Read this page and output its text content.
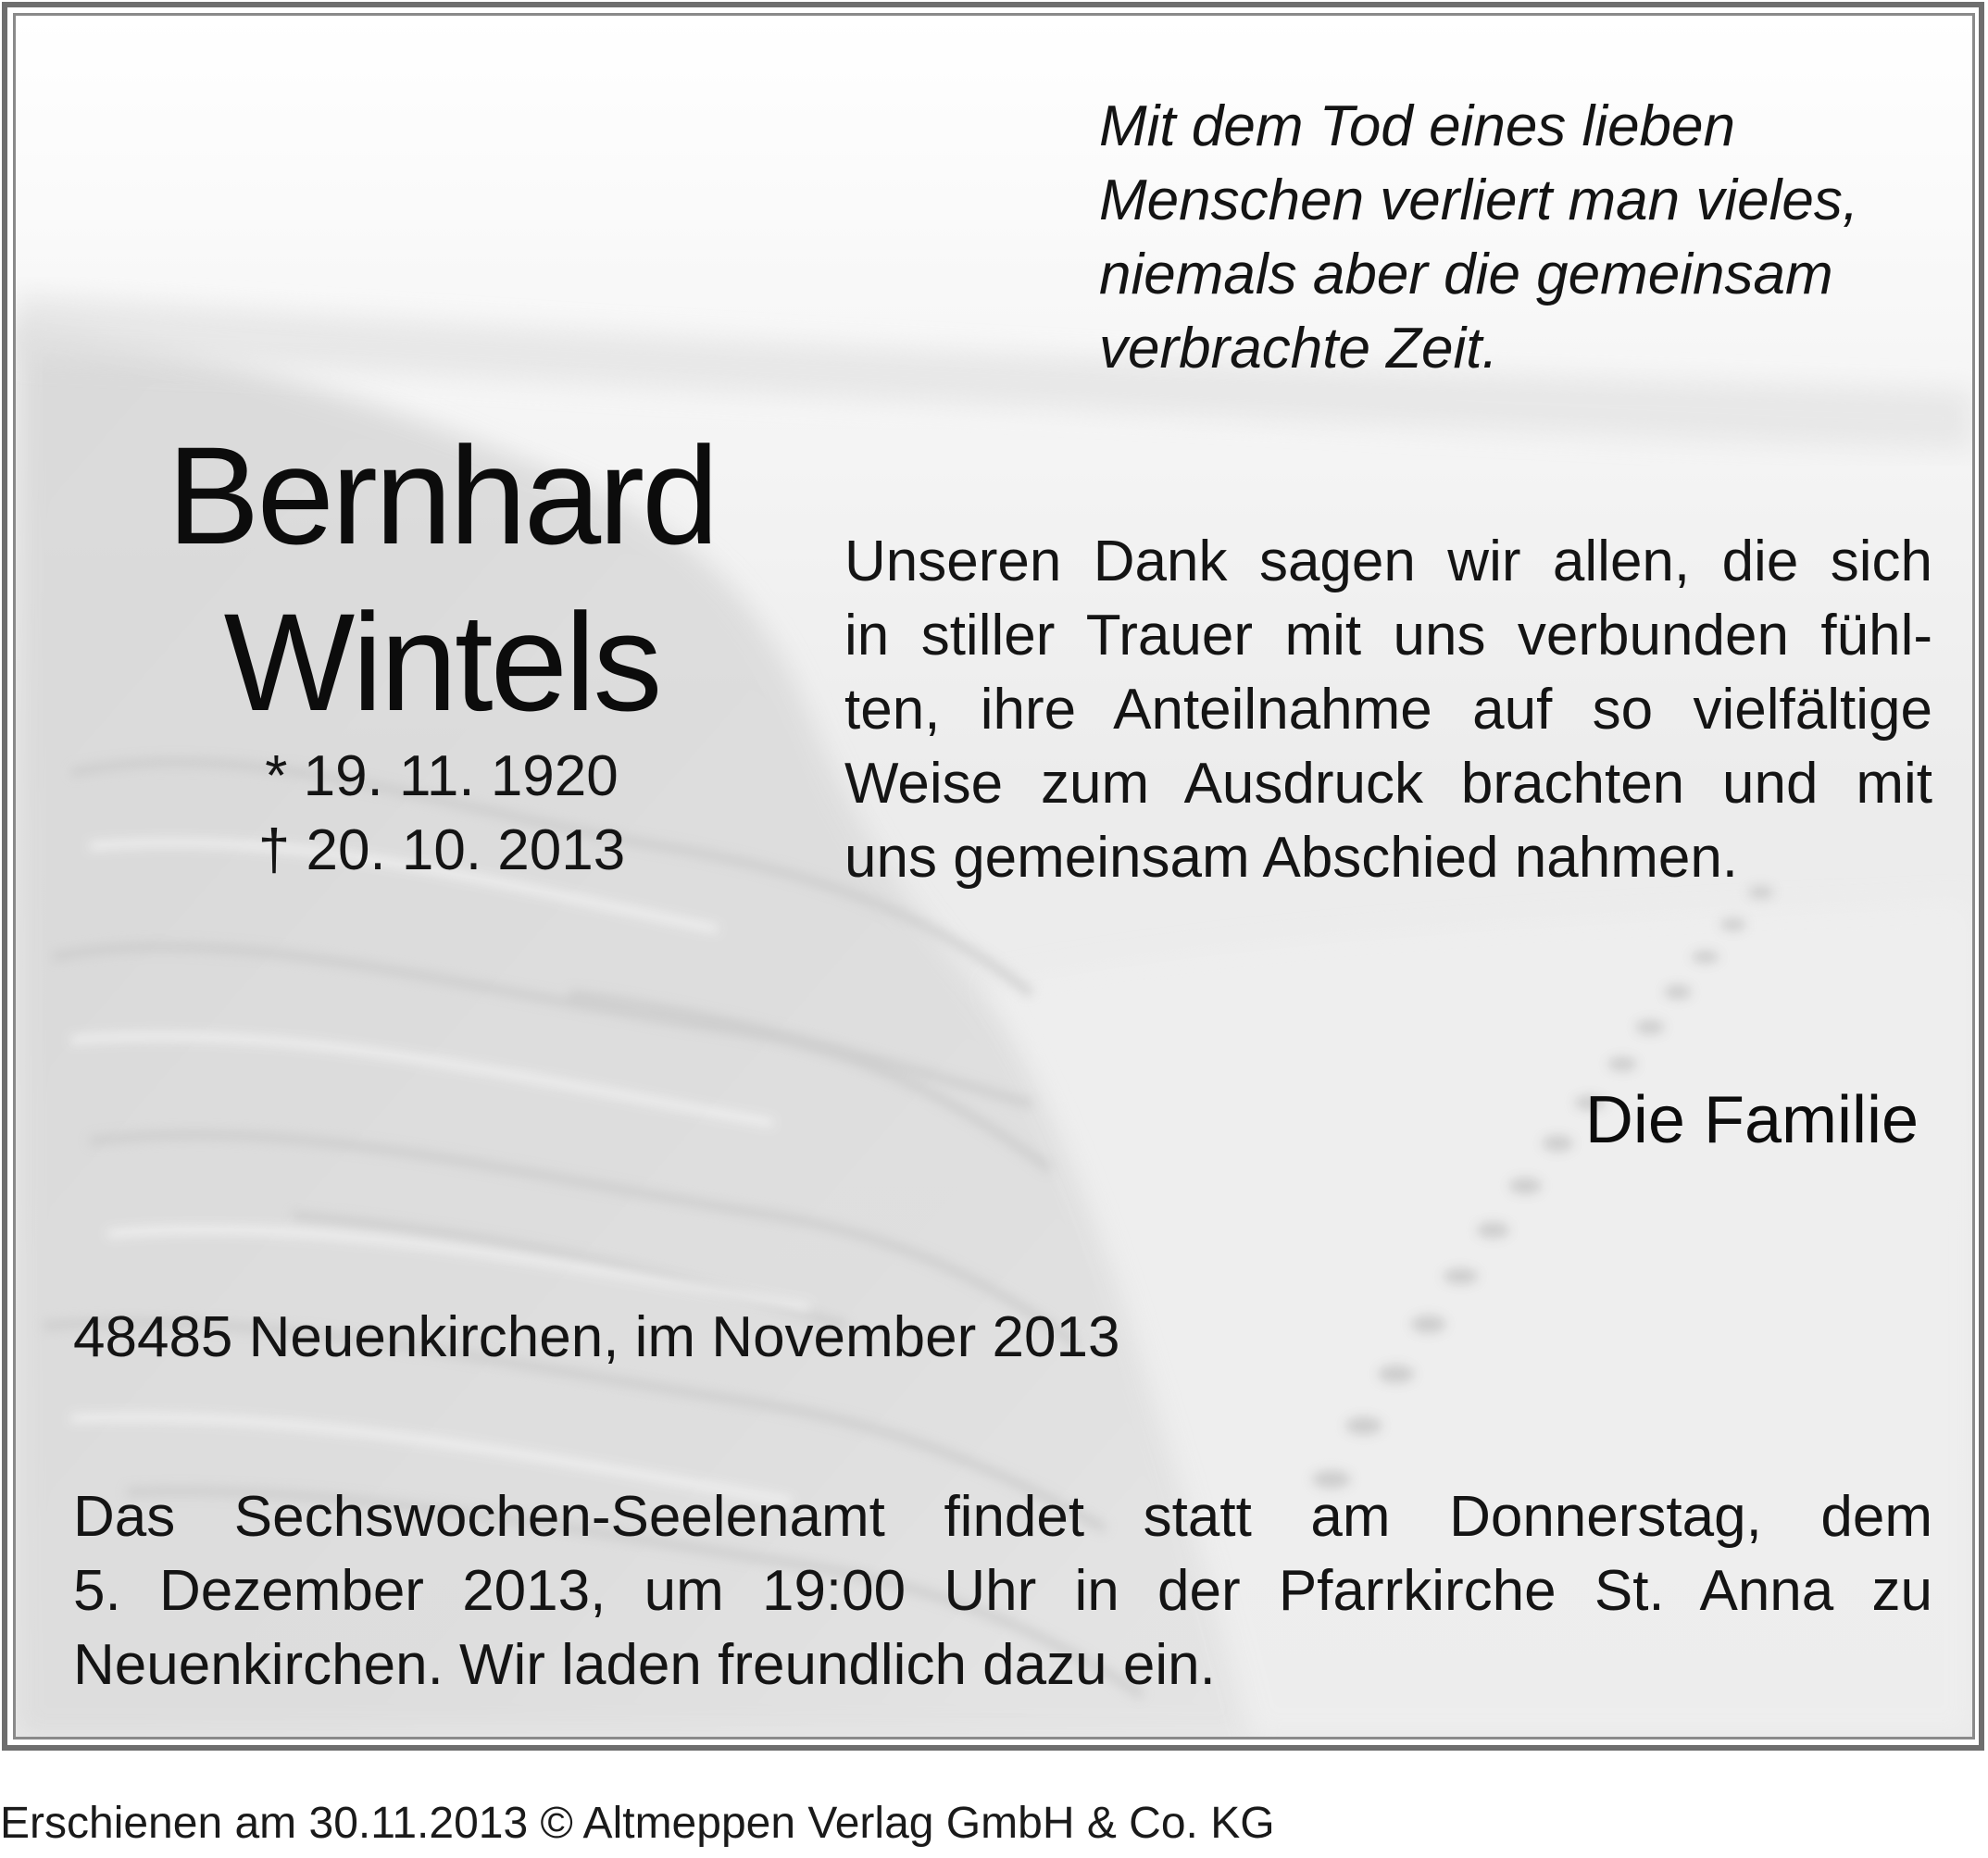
Mit dem Tod eines lieben
Menschen verliert man vieles,
niemals aber die gemeinsam
verbrachte Zeit.
Bernhard
Wintels
* 19. 11. 1920
† 20. 10. 2013
Unseren Dank sagen wir allen, die sich
in stiller Trauer mit uns verbunden fühl-
ten, ihre Anteilnahme auf so vielfältige
Weise zum Ausdruck brachten und mit
uns gemeinsam Abschied nahmen.
Die Familie
48485 Neuenkirchen, im November 2013
Das Sechswochen-Seelenamt findet statt am Donnerstag, dem
5. Dezember 2013, um 19:00 Uhr in der Pfarrkirche St. Anna zu
Neuenkirchen. Wir laden freundlich dazu ein.
Erschienen am 30.11.2013 © Altmeppen Verlag GmbH & Co. KG
